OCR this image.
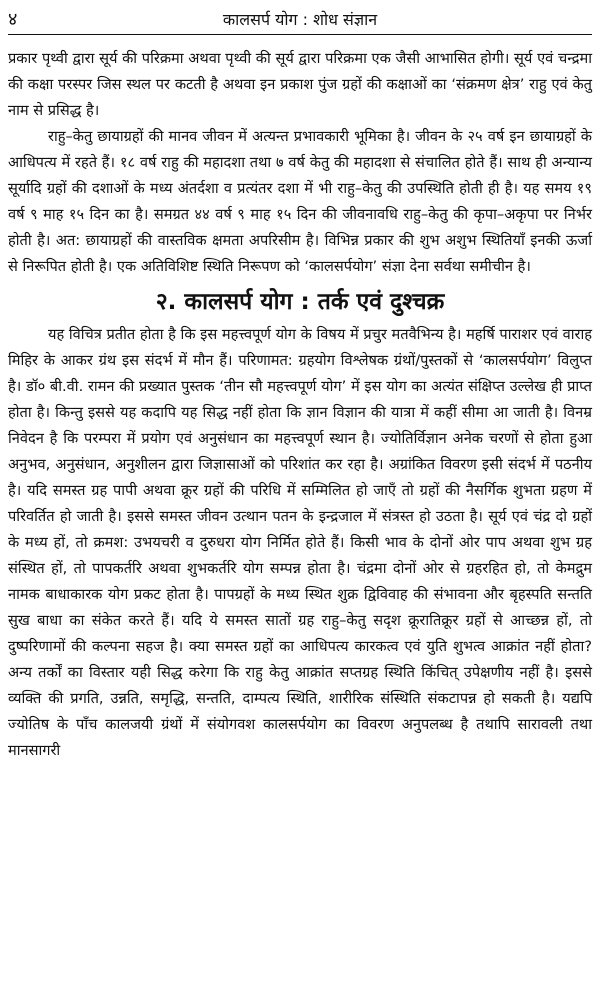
४	कालसर्प योग : शोध संज्ञान

प्रकार पृथ्वी द्वारा सूर्य की परिक्रमा अथवा पृथ्वी की सूर्य द्वारा परिक्रमा एक जैसी आभासित होगी। सूर्य एवं चन्द्रमा की कक्षा परस्पर जिस स्थल पर कटती है अथवा इन प्रकाश पुंज ग्रहों की कक्षाओं का ‘संक्रमण क्षेत्र’ राहु एवं केतु नाम से प्रसिद्ध है।

राहु–केतु छायाग्रहों की मानव जीवन में अत्यन्त प्रभावकारी भूमिका है। जीवन के २५ वर्ष इन छायाग्रहों के आधिपत्य में रहते हैं। १८ वर्ष राहु की महादशा तथा ७ वर्ष केतु की महादशा से संचालित होते हैं। साथ ही अन्यान्य सूर्यादि ग्रहों की दशाओं के मध्य अंतर्दशा व प्रत्यंतर दशा में भी राहु–केतु की उपस्थिति होती ही है। यह समय १९ वर्ष ९ माह १५ दिन का है। समग्रत ४४ वर्ष ९ माह १५ दिन की जीवनावधि राहु–केतु की कृपा–अकृपा पर निर्भर होती है। अत: छायाग्रहों की वास्तविक क्षमता अपरिसीम है। विभिन्न प्रकार की शुभ अशुभ स्थितियाँ इनकी ऊर्जा से निरूपित होती है। एक अतिविशिष्ट स्थिति निरूपण को ‘कालसर्पयोग’ संज्ञा देना सर्वथा समीचीन है।

२. कालसर्प योग : तर्क एवं दुश्चक्र

यह विचित्र प्रतीत होता है कि इस महत्त्वपूर्ण योग के विषय में प्रचुर मतवैभिन्य है। महर्षि पाराशर एवं वाराह मिहिर के आकर ग्रंथ इस संदर्भ में मौन हैं। परिणामत: ग्रहयोग विश्लेषक ग्रंथों/पुस्तकों से ‘कालसर्पयोग’ विलुप्त है। डॉ० बी.वी. रामन की प्रख्यात पुस्तक ‘तीन सौ महत्त्वपूर्ण योग’ में इस योग का अत्यंत संक्षिप्त उल्लेख ही प्राप्त होता है। किन्तु इससे यह कदापि यह सिद्ध नहीं होता कि ज्ञान विज्ञान की यात्रा में कहीं सीमा आ जाती है। विनम्र निवेदन है कि परम्परा में प्रयोग एवं अनुसंधान का महत्त्वपूर्ण स्थान है। ज्योतिर्विज्ञान अनेक चरणों से होता हुआ अनुभव, अनुसंधान, अनुशीलन द्वारा जिज्ञासाओं को परिशांत कर रहा है। अग्रांकित विवरण इसी संदर्भ में पठनीय है। यदि समस्त ग्रह पापी अथवा क्रूर ग्रहों की परिधि में सम्मिलित हो जाएँ तो ग्रहों की नैसर्गिक शुभता ग्रहण में परिवर्तित हो जाती है। इससे समस्त जीवन उत्थान पतन के इन्द्रजाल में संत्रस्त हो उठता है। सूर्य एवं चंद्र दो ग्रहों के मध्य हों, तो क्रमश: उभयचरी व दुरुधरा योग निर्मित होते हैं। किसी भाव के दोनों ओर पाप अथवा शुभ ग्रह संस्थित हों, तो पापकर्तरि अथवा शुभकर्तरि योग सम्पन्न होता है। चंद्रमा दोनों ओर से ग्रहरहित हो, तो केमद्रुम नामक बाधाकारक योग प्रकट होता है। पापग्रहों के मध्य स्थित शुक्र द्विविवाह की संभावना और बृहस्पति सन्तति सुख बाधा का संकेत करते हैं। यदि ये समस्त सातों ग्रह राहु–केतु सदृश क्रूरातिक्रूर ग्रहों से आच्छन्न हों, तो दुष्परिणामों की कल्पना सहज है। क्या समस्त ग्रहों का आधिपत्य कारकत्व एवं युति शुभत्व आक्रांत नहीं होता? अन्य तर्कों का विस्तार यही सिद्ध करेगा कि राहु केतु आक्रांत सप्तग्रह स्थिति किंचित् उपेक्षणीय नहीं है। इससे व्यक्ति की प्रगति, उन्नति, समृद्धि, सन्तति, दाम्पत्य स्थिति, शारीरिक संस्थिति संकटापन्न हो सकती है। यद्यपि ज्योतिष के पाँच कालजयी ग्रंथों में संयोगवश कालसर्पयोग का विवरण अनुपलब्ध है तथापि सारावली तथा मानसागरी
